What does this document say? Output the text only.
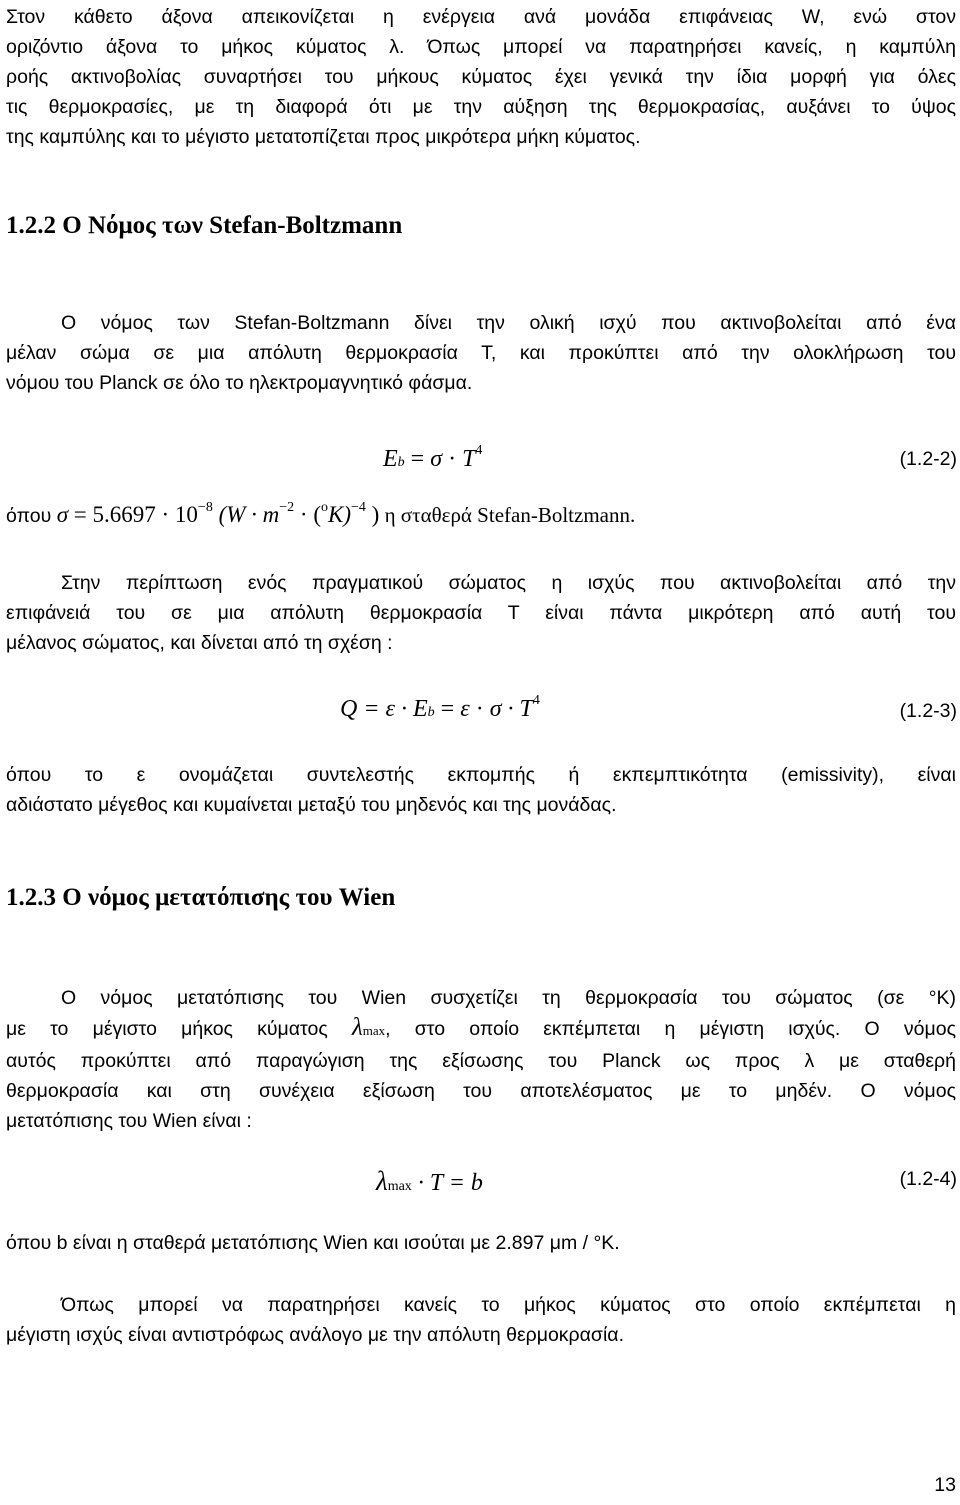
Στον κάθετο άξονα απεικονίζεται η ενέργεια ανά μονάδα επιφάνειας W, ενώ στον
οριζόντιο άξονα το μήκος κύματος λ. Όπως μπορεί να παρατηρήσει κανείς, η καμπύλη
ροής ακτινοβολίας συναρτήσει του μήκους κύματος έχει γενικά την ίδια μορφή για όλες
τις θερμοκρασίες, με τη διαφορά ότι με την αύξηση της θερμοκρασίας, αυξάνει το ύψος
της καμπύλης και το μέγιστο μετατοπίζεται προς μικρότερα μήκη κύματος.
1.2.2 Ο Νόμος των Stefan-Boltzmann
Ο νόμος των Stefan-Boltzmann δίνει την ολική ισχύ που ακτινοβολείται από ένα
μέλαν σώμα σε μια απόλυτη θερμοκρασία Τ, και προκύπτει από την ολοκλήρωση του
νόμου του Planck σε όλο το ηλεκτρομαγνητικό φάσμα.
$Eb = \sigma \cdot T^4$	(1.2-2)
όπου $\sigma = 5.6697 \cdot 10^{-8}$ ($W \cdot m^{-2} \cdot (^oK)^{-4}$ ) η σταθερά Stefan-Boltzmann.
Στην περίπτωση ενός πραγματικού σώματος η ισχύς που ακτινοβολείται από την
επιφάνειά του σε μια απόλυτη θερμοκρασία Τ είναι πάντα μικρότερη από αυτή του
μέλανος σώματος, και δίνεται από τη σχέση :
$Q = \varepsilon \cdot Eb = \varepsilon \cdot \sigma \cdot T^4$	(1.2-3)
όπου το ε ονομάζεται συντελεστής εκπομπής ή εκπεμπτικότητα (emissivity), είναι
αδιάστατο μέγεθος και κυμαίνεται μεταξύ του μηδενός και της μονάδας.
1.2.3 Ο νόμος μετατόπισης του Wien
Ο νόμος μετατόπισης του Wien συσχετίζει τη θερμοκρασία του σώματος (σε °K)
με το μέγιστο μήκος κύματος λmax, στο οποίο εκπέμπεται η μέγιστη ισχύς. Ο νόμος
αυτός προκύπτει από παραγώγιση της εξίσωσης του Planck ως προς λ με σταθερή
θερμοκρασία και στη συνέχεια εξίσωση του αποτελέσματος με το μηδέν. Ο νόμος
μετατόπισης του Wien είναι :
λmax · T = b	(1.2-4)
όπου b είναι η σταθερά μετατόπισης Wien και ισούται με 2.897 μm / °K.
Όπως μπορεί να παρατηρήσει κανείς το μήκος κύματος στο οποίο εκπέμπεται η
μέγιστη ισχύς είναι αντιστρόφως ανάλογο με την απόλυτη θερμοκρασία.
13
